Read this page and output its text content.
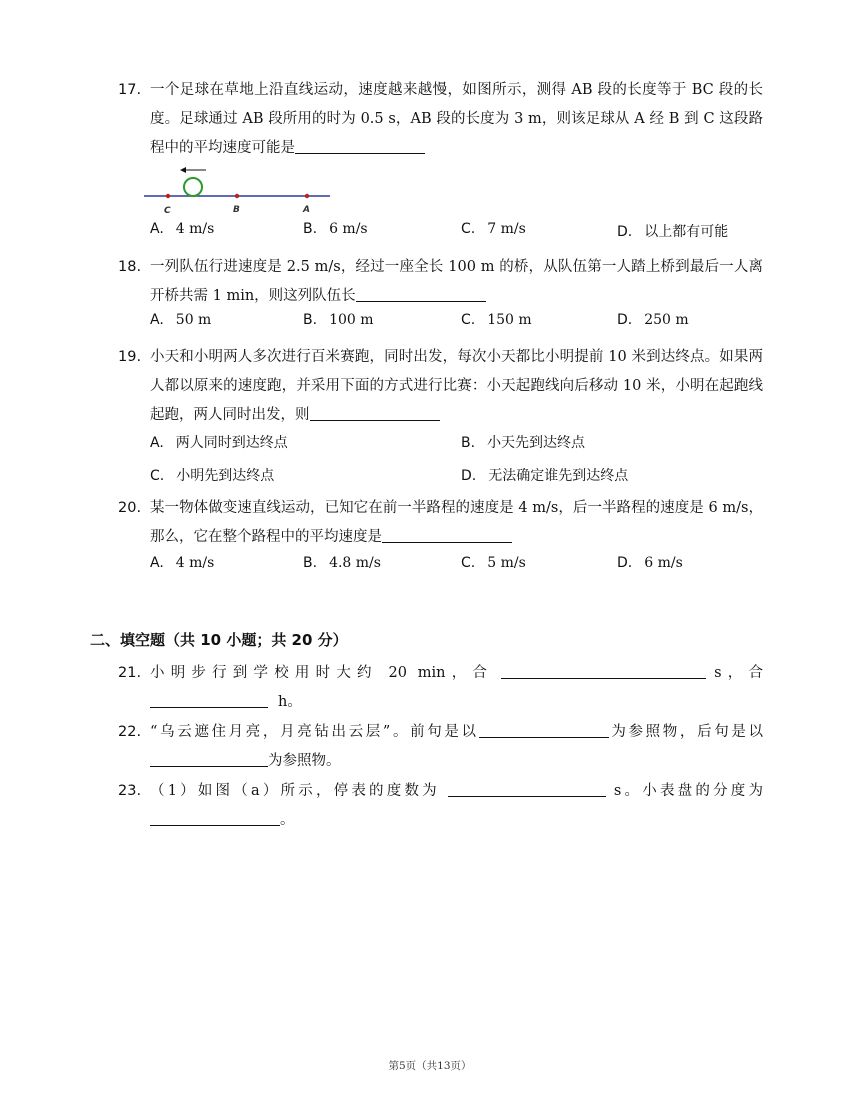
17. 一个足球在草地上沿直线运动，速度越来越慢，如图所示，测得 AB 段的长度等于 BC 段的长度。足球通过 AB 段所用的时为 0.5 s，AB 段的长度为 3 m，则该足球从 A 经 B 到 C 这段路程中的平均速度可能是
C	B	A
A. 4 m/s	B. 6 m/s	C. 7 m/s	D. 以上都有可能
18. 一列队伍行进速度是 2.5 m/s，经过一座全长 100 m 的桥，从队伍第一人踏上桥到最后一人离开桥共需 1 min，则这列队伍长
A. 50 m	B. 100 m	C. 150 m	D. 250 m
19. 小天和小明两人多次进行百米赛跑，同时出发，每次小天都比小明提前 10 米到达终点。如果两人都以原来的速度跑，并采用下面的方式进行比赛：小天起跑线向后移动 10 米，小明在起跑线起跑，两人同时出发，则
A. 两人同时到达终点	B. 小天先到达终点
C. 小明先到达终点	D. 无法确定谁先到达终点
20. 某一物体做变速直线运动，已知它在前一半路程的速度是 4 m/s，后一半路程的速度是 6 m/s，那么，它在整个路程中的平均速度是
A. 4 m/s	B. 4.8 m/s	C. 5 m/s	D. 6 m/s
二、填空题（共 10 小题；共 20 分）
21. 小明步行到学校用时大约 20 min，合	s，合h。
22. “乌云遮住月亮，月亮钻出云层”。前句是以	为参照物，后句是以为参照物。
23. （1）如图（a）所示，停表的度数为	s。小表盘的分度为。
第5页（共13页）
